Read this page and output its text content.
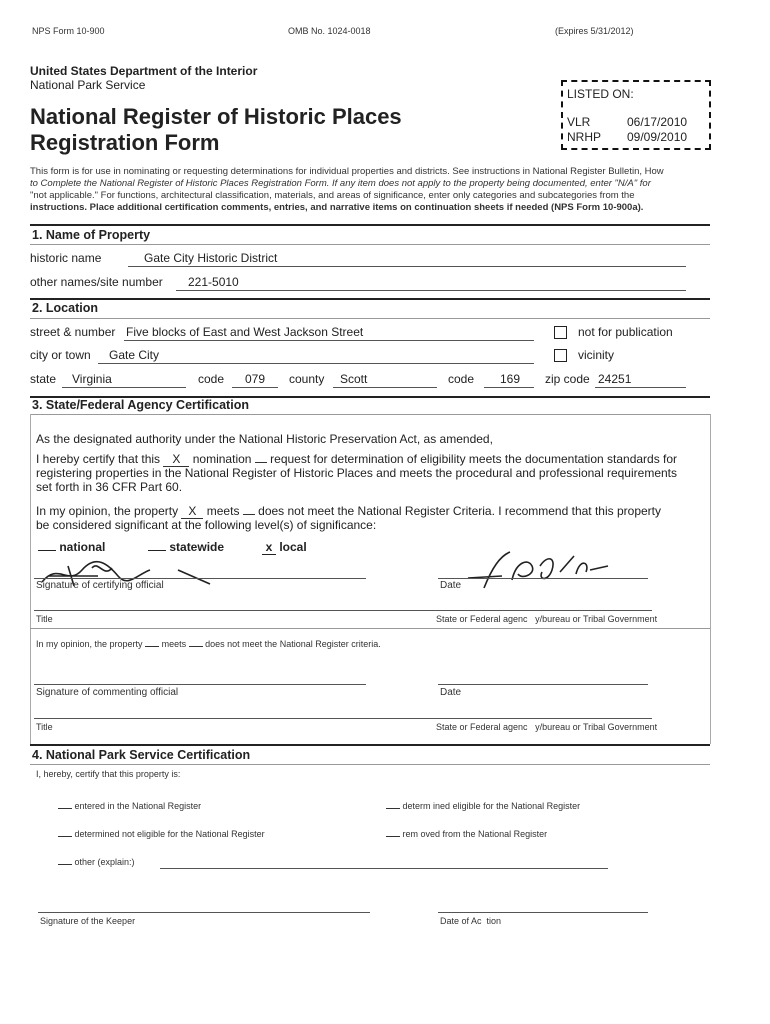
NPS Form 10-900	OMB No. 1024-0018	(Expires 5/31/2012)
United States Department of the Interior
National Park Service
LISTED ON:
VLR	06/17/2010
NRHP 09/09/2010
National Register of Historic Places
Registration Form
This form is for use in nominating or requesting determinations for individual properties and districts. See instructions in National Register Bulletin, How
to Complete the National Register of Historic Places Registration Form. If any item does not apply to the property being documented, enter "N/A" for
"not applicable." For functions, architectural classification, materials, and areas of significance, enter only categories and subcategories from the
instructions. Place additional certification comments, entries, and narrative items on continuation sheets if needed (NPS Form 10-900a).
1. Name of Property
historic name	Gate City Historic District
other names/site number 221-5010
2. Location
street & number Five blocks of East and West Jackson Street	not for publication
city or town Gate City	vicinity
state Virginia	code 079 county Scott	code 169 zip code 24251
3. State/Federal Agency Certification
As the designated authority under the National Historic Preservation Act, as amended,
I hereby certify that this X nomination request for determination of eligibility meets the documentation standards for
registering properties in the National Register of Historic Places and meets the procedural and professional requirements
set forth in 36 CFR Part 60.
In my opinion, the property X meets does not meet the National Register Criteria. I recommend that this property
be considered significant at the following level(s) of significance:
national	statewide	x local
Signature of certifying official	Date
Title	State or Federal agenc y/bureau or Tribal Government
In my opinion, the property meets does not meet the National Register criteria.
Signature of commenting official	Date
Title	State or Federal agenc y/bureau or Tribal Government
4. National Park Service Certification
I, hereby, certify that this property is:
entered in the National Register	determ ined eligible for the National Register
determined not eligible for the National Register	rem oved from the National Register
other (explain:)
Signature of the Keeper	Date of Ac tion
